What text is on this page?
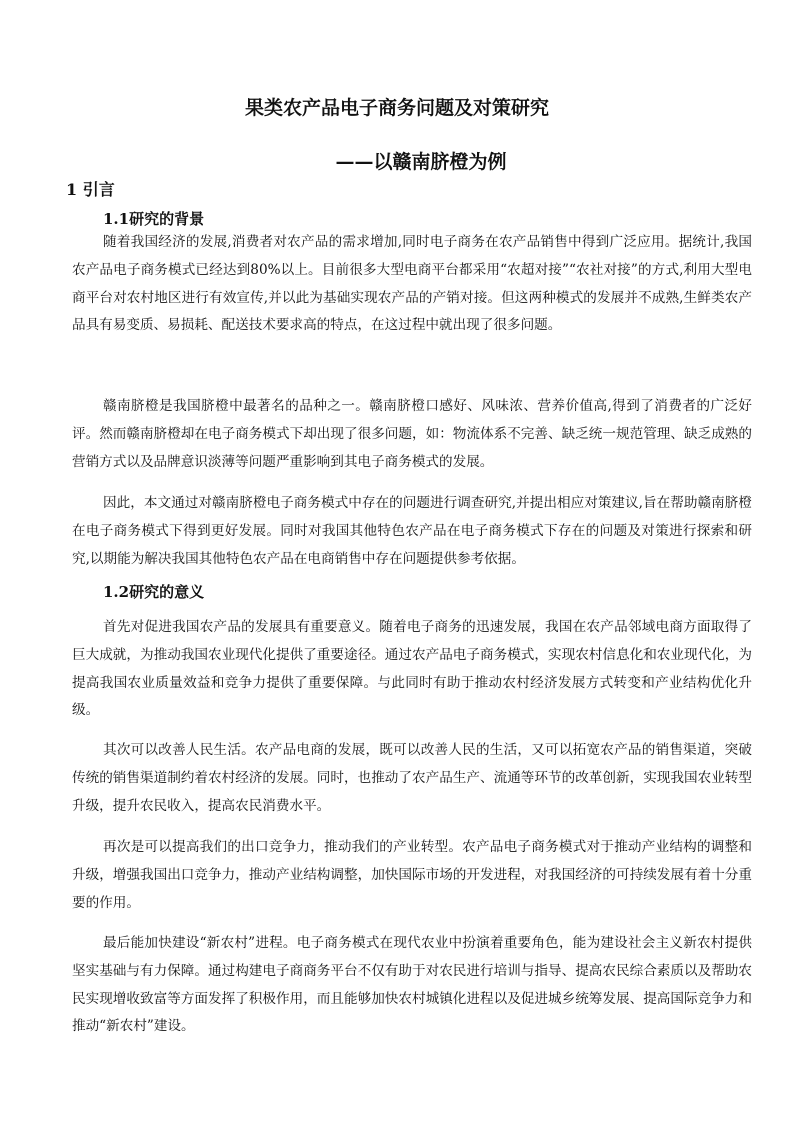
果类农产品电子商务问题及对策研究
——以赣南脐橙为例
1 引言
1.1研究的背景

随着我国经济的发展,消费者对农产品的需求增加,同时电子商务在农产品销售中得到广泛应用。据统计,我国农产品电子商务模式已经达到80%以上。目前很多大型电商平台都采用“农超对接”“农社对接”的方式,利用大型电商平台对农村地区进行有效宣传,并以此为基础实现农产品的产销对接。但这两种模式的发展并不成熟,生鲜类农产品具有易变质、易损耗、配送技术要求高的特点，在这过程中就出现了很多问题。

赣南脐橙是我国脐橙中最著名的品种之一。赣南脐橙口感好、风味浓、营养价值高,得到了消费者的广泛好评。然而赣南脐橙却在电子商务模式下却出现了很多问题，如：物流体系不完善、缺乏统一规范管理、缺乏成熟的营销方式以及品牌意识淡薄等问题严重影响到其电子商务模式的发展。

因此，本文通过对赣南脐橙电子商务模式中存在的问题进行调查研究,并提出相应对策建议,旨在帮助赣南脐橙在电子商务模式下得到更好发展。同时对我国其他特色农产品在电子商务模式下存在的问题及对策进行探索和研究,以期能为解决我国其他特色农产品在电商销售中存在问题提供参考依据。

1.2研究的意义

首先对促进我国农产品的发展具有重要意义。随着电子商务的迅速发展，我国在农产品邻域电商方面取得了巨大成就，为推动我国农业现代化提供了重要途径。通过农产品电子商务模式，实现农村信息化和农业现代化，为提高我国农业质量效益和竞争力提供了重要保障。与此同时有助于推动农村经济发展方式转变和产业结构优化升级。

其次可以改善人民生活。农产品电商的发展，既可以改善人民的生活，又可以拓宽农产品的销售渠道，突破传统的销售渠道制约着农村经济的发展。同时，也推动了农产品生产、流通等环节的改革创新，实现我国农业转型升级，提升农民收入，提高农民消费水平。

再次是可以提高我们的出口竞争力，推动我们的产业转型。农产品电子商务模式对于推动产业结构的调整和升级，增强我国出口竞争力，推动产业结构调整，加快国际市场的开发进程，对我国经济的可持续发展有着十分重要的作用。

最后能加快建设“新农村”进程。电子商务模式在现代农业中扮演着重要角色，能为建设社会主义新农村提供坚实基础与有力保障。通过构建电子商商务平台不仅有助于对农民进行培训与指导、提高农民综合素质以及帮助农民实现增收致富等方面发挥了积极作用，而且能够加快农村城镇化进程以及促进城乡统筹发展、提高国际竞争力和推动“新农村”建设。
